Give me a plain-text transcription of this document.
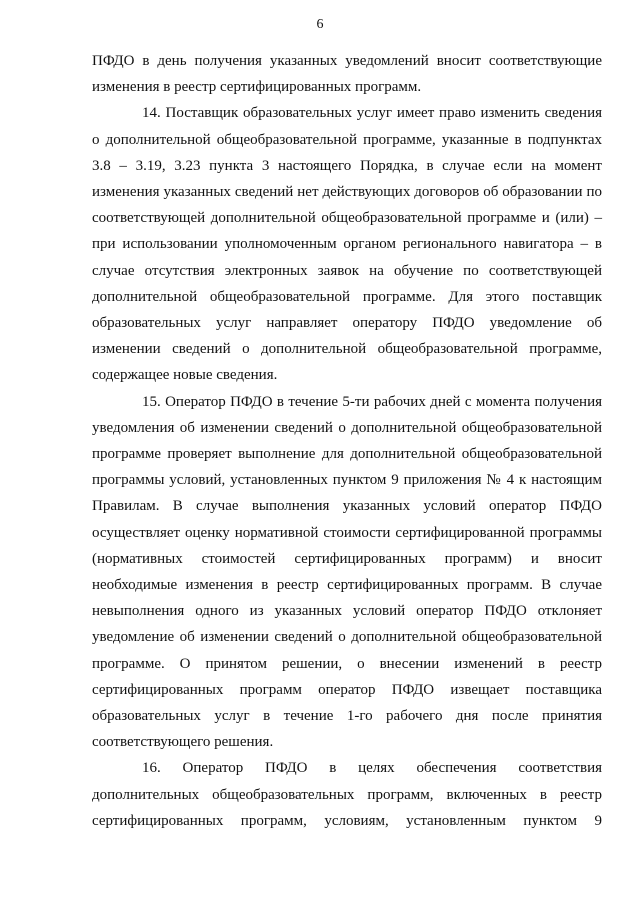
6

ПФДО в день получения указанных уведомлений вносит соответствующие изменения в реестр сертифицированных программ.

14. Поставщик образовательных услуг имеет право изменить сведения о дополнительной общеобразовательной программе, указанные в подпунктах 3.8 – 3.19, 3.23 пункта 3 настоящего Порядка, в случае если на момент изменения указанных сведений нет действующих договоров об образовании по соответствующей дополнительной общеобразовательной программе и (или) – при использовании уполномоченным органом регионального навигатора – в случае отсутствия электронных заявок на обучение по соответствующей дополнительной общеобразовательной программе. Для этого поставщик образовательных услуг направляет оператору ПФДО уведомление об изменении сведений о дополнительной общеобразовательной программе, содержащее новые сведения.

15. Оператор ПФДО в течение 5-ти рабочих дней с момента получения уведомления об изменении сведений о дополнительной общеобразовательной программе проверяет выполнение для дополнительной общеобразовательной программы условий, установленных пунктом 9 приложения № 4 к настоящим Правилам. В случае выполнения указанных условий оператор ПФДО осуществляет оценку нормативной стоимости сертифицированной программы (нормативных стоимостей сертифицированных программ) и вносит необходимые изменения в реестр сертифицированных программ. В случае невыполнения одного из указанных условий оператор ПФДО отклоняет уведомление об изменении сведений о дополнительной общеобразовательной программе. О принятом решении, о внесении изменений в реестр сертифицированных программ оператор ПФДО извещает поставщика образовательных услуг в течение 1-го рабочего дня после принятия соответствующего решения.

16. Оператор ПФДО в целях обеспечения соответствия дополнительных общеобразовательных программ, включенных в реестр сертифицированных программ, условиям, установленным пунктом 9
